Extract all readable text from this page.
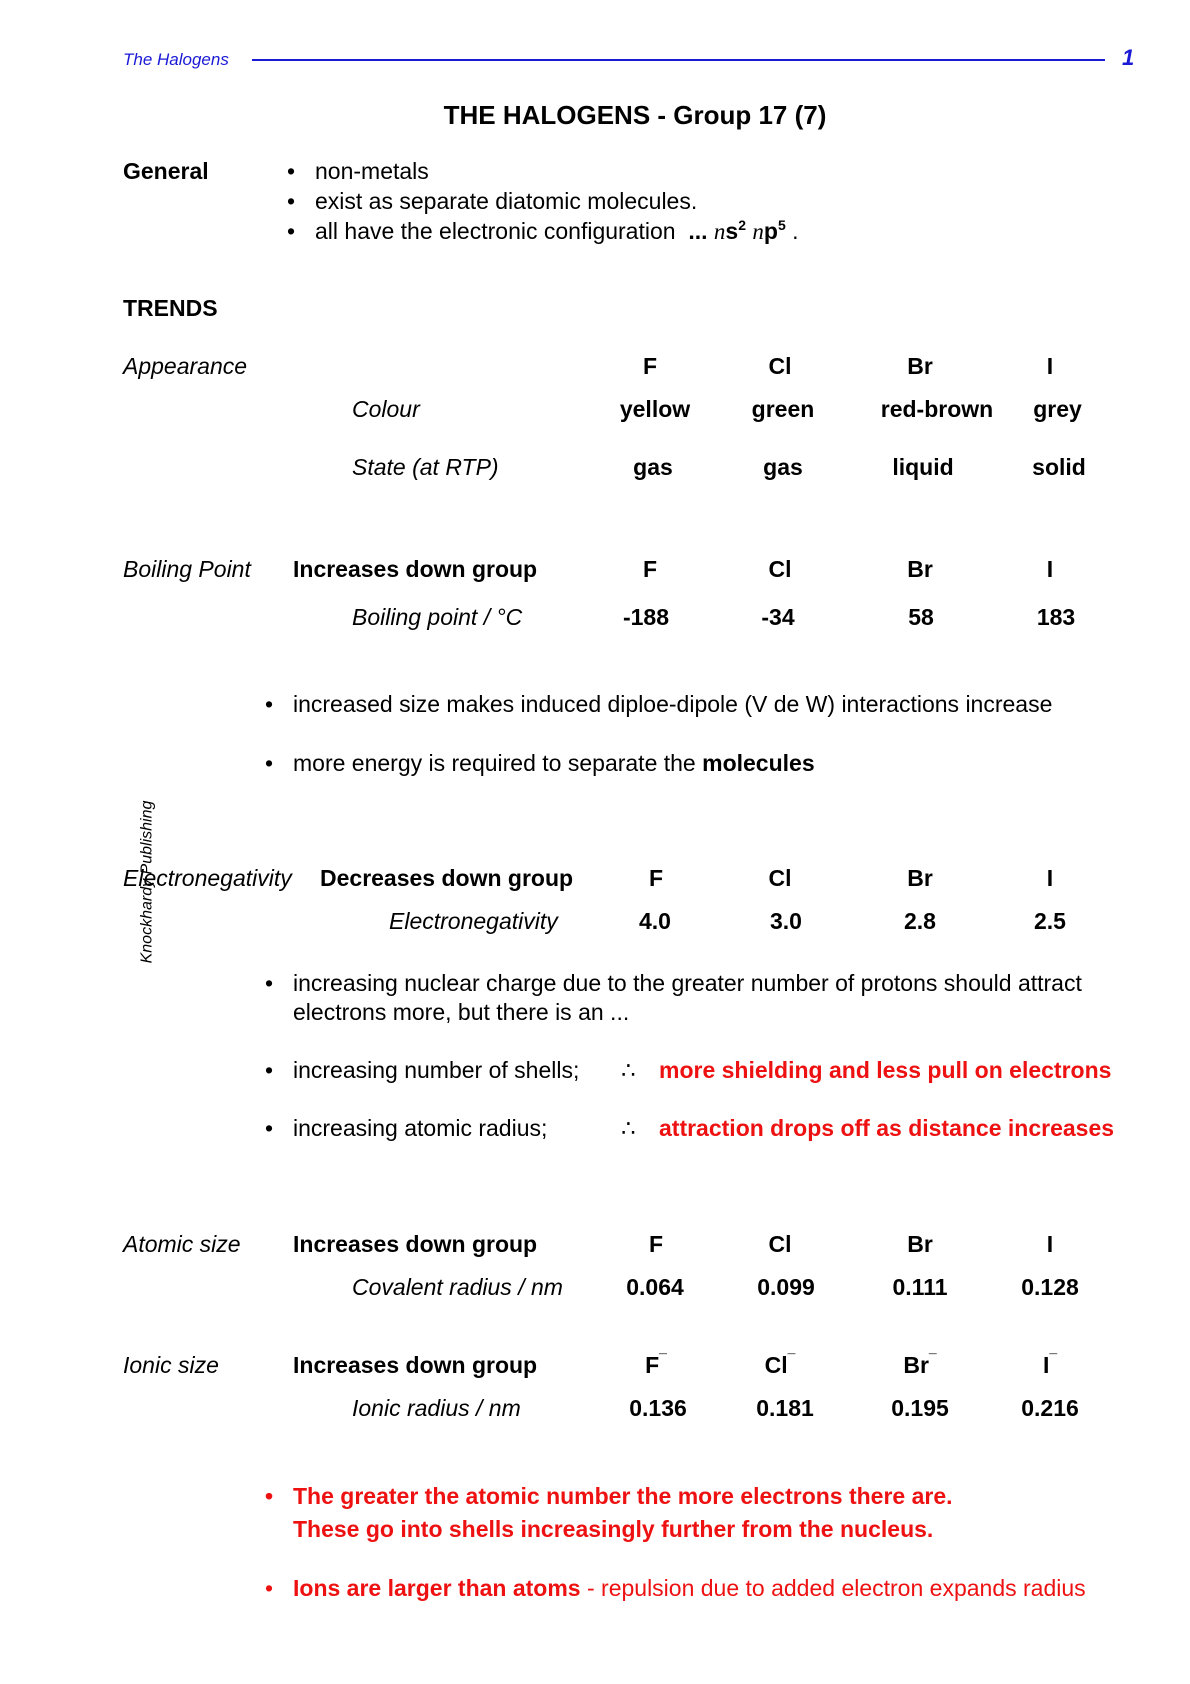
The Halogens	1
Knockhardy Publishing
THE HALOGENS - Group 17 (7)
General
•	non-metals
• exist as separate diatomic molecules.
• all have the electronic configuration ... $ns^2$ $np^5$ .
TRENDS
Appearance	F	Cl	Br	I
Colour	yellow	green	red-brown	grey
State (at RTP)	gas	gas	liquid	solid
Boiling Point Increases down group	F	Cl	Br	I
Boiling point / °C	-188	-34	58	183
• increased size makes induced diploe-dipole (V de W) interactions increase
• more energy is required to separate the molecules
Electronegativity Decreases down group	F	Cl	Br	I
Electronegativity	4.0	3.0	2.8	2.5
• increasing nuclear charge due to the greater number of protons should attract
electrons more, but there is an ...
• increasing number of shells; ∴ more shielding and less pull on electrons
• increasing atomic radius;	∴ attraction drops off as distance increases
Atomic size Increases down group	F	Cl	Br	I
Covalent radius / nm	0.064	0.099	0.111	0.128
Ionic size	Increases down group	F¯	Cl¯	Br¯	I¯
Ionic radius / nm	0.136	0.181	0.195	0.216
• The greater the atomic number the more electrons there are.
These go into shells increasingly further from the nucleus.
• Ions are larger than atoms - repulsion due to added electron expands radius
